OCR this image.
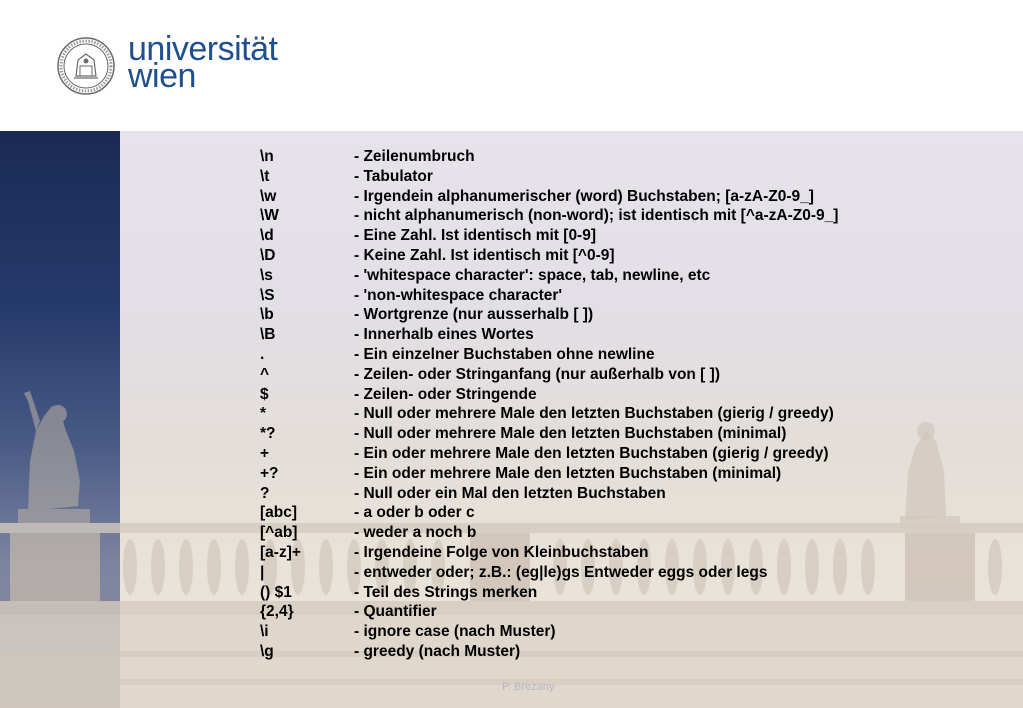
universität
wien
\n	- Zeilenumbruch
\t	- Tabulator
\w	- Irgendein alphanumerischer (word) Buchstaben; [a-zA-Z0-9_]
\W	- nicht alphanumerisch (non-word); ist identisch mit [^a-zA-Z0-9_]
\d	- Eine Zahl. Ist identisch mit [0-9]
\D	- Keine Zahl. Ist identisch mit [^0-9]
\s	- 'whitespace character': space, tab, newline, etc
\S	- 'non-whitespace character'
\b	- Wortgrenze (nur ausserhalb [ ])
\B	- Innerhalb eines Wortes
.	- Ein einzelner Buchstaben ohne newline
^	- Zeilen- oder Stringanfang (nur außerhalb von [ ])
$	- Zeilen- oder Stringende
*	- Null oder mehrere Male den letzten Buchstaben (gierig / greedy)
*?	- Null oder mehrere Male den letzten Buchstaben (minimal)
+	- Ein oder mehrere Male den letzten Buchstaben (gierig / greedy)
+?	- Ein oder mehrere Male den letzten Buchstaben (minimal)
?	- Null oder ein Mal den letzten Buchstaben
[abc]	- a oder b oder c
[^ab]	- weder a noch b
[a-z]+	- Irgendeine Folge von Kleinbuchstaben
|	- entweder oder; z.B.: (eg|le)gs Entweder eggs oder legs
() $1	- Teil des Strings merken
{2,4}	- Quantifier
\i	- ignore case (nach Muster)
\g	- greedy (nach Muster)
P. Brezany
